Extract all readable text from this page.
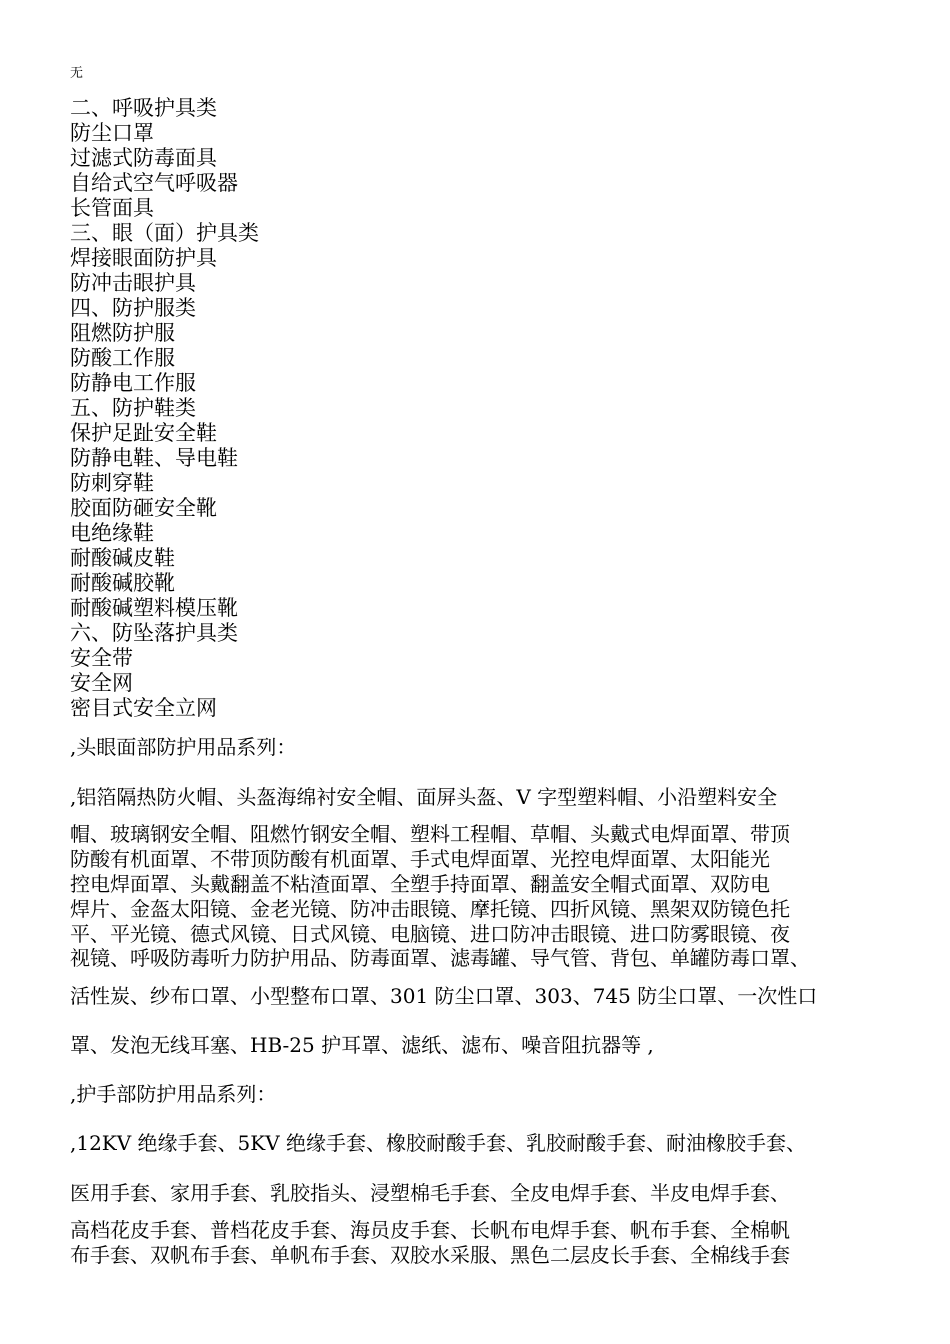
无
二、呼吸护具类
防尘口罩
过滤式防毒面具
自给式空气呼吸器
长管面具
三、眼（面）护具类
焊接眼面防护具
防冲击眼护具
四、防护服类
阻燃防护服
防酸工作服
防静电工作服
五、防护鞋类
保护足趾安全鞋
防静电鞋、导电鞋
防刺穿鞋
胶面防砸安全靴
电绝缘鞋
耐酸碱皮鞋
耐酸碱胶靴
耐酸碱塑料模压靴
六、防坠落护具类
安全带
安全网
密目式安全立网
,头眼面部防护用品系列：
,铝箔隔热防火帽、头盔海绵衬安全帽、面屏头盔、V 字型塑料帽、小沿塑料安全
帽、玻璃钢安全帽、阻燃竹钢安全帽、塑料工程帽、草帽、头戴式电焊面罩、带顶
防酸有机面罩、不带顶防酸有机面罩、手式电焊面罩、光控电焊面罩、太阳能光
控电焊面罩、头戴翻盖不粘渣面罩、全塑手持面罩、翻盖安全帽式面罩、双防电
焊片、金盔太阳镜、金老光镜、防冲击眼镜、摩托镜、四折风镜、黑架双防镜色托
平、平光镜、德式风镜、日式风镜、电脑镜、进口防冲击眼镜、进口防雾眼镜、夜
视镜、呼吸防毒听力防护用品、防毒面罩、滤毒罐、导气管、背包、单罐防毒口罩、
活性炭、纱布口罩、小型整布口罩、301 防尘口罩、303、745 防尘口罩、一次性口
罩、发泡无线耳塞、HB-25 护耳罩、滤纸、滤布、噪音阻抗器等 ,
,护手部防护用品系列：
,12KV 绝缘手套、5KV 绝缘手套、橡胶耐酸手套、乳胶耐酸手套、耐油橡胶手套、
医用手套、家用手套、乳胶指头、浸塑棉毛手套、全皮电焊手套、半皮电焊手套、
高档花皮手套、普档花皮手套、海员皮手套、长帆布电焊手套、帆布手套、全棉帆
布手套、双帆布手套、单帆布手套、双胶水采服、黑色二层皮长手套、全棉线手套
